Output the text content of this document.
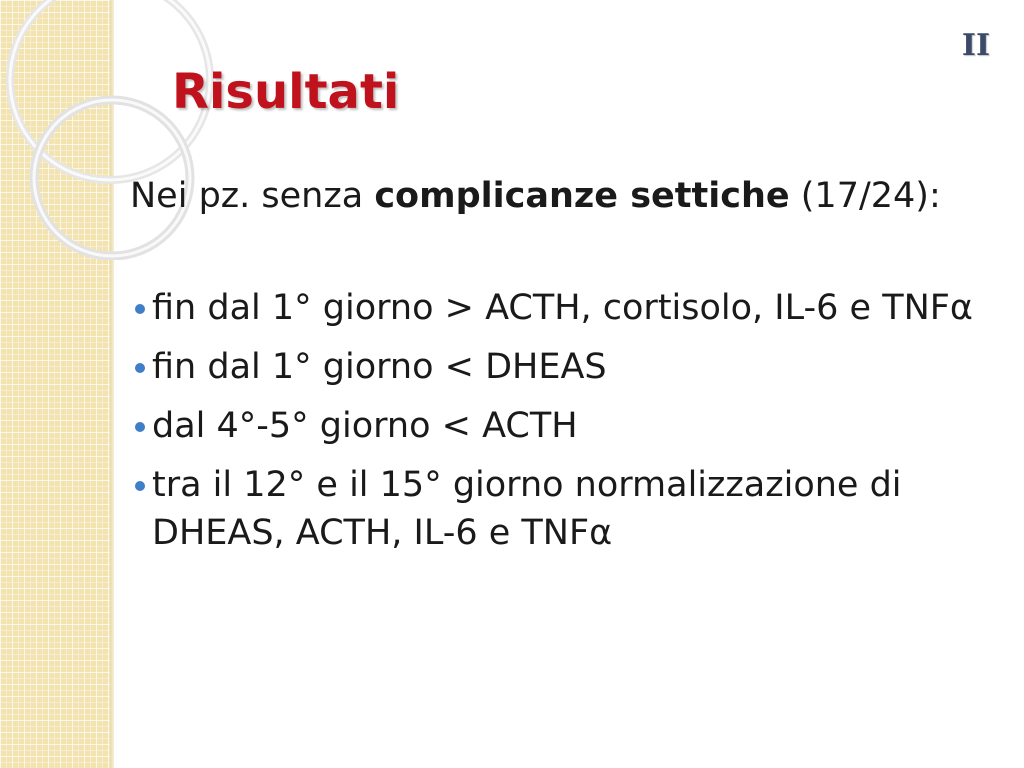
II
Risultati

Nei pz. senza complicanze settiche (17/24):

fin dal 1° giorno > ACTH, cortisolo, IL-6 e TNFα
fin dal 1° giorno < DHEAS
dal 4°-5° giorno < ACTH
tra il 12° e il 15° giorno normalizzazione di DHEAS, ACTH, IL-6 e TNFα
